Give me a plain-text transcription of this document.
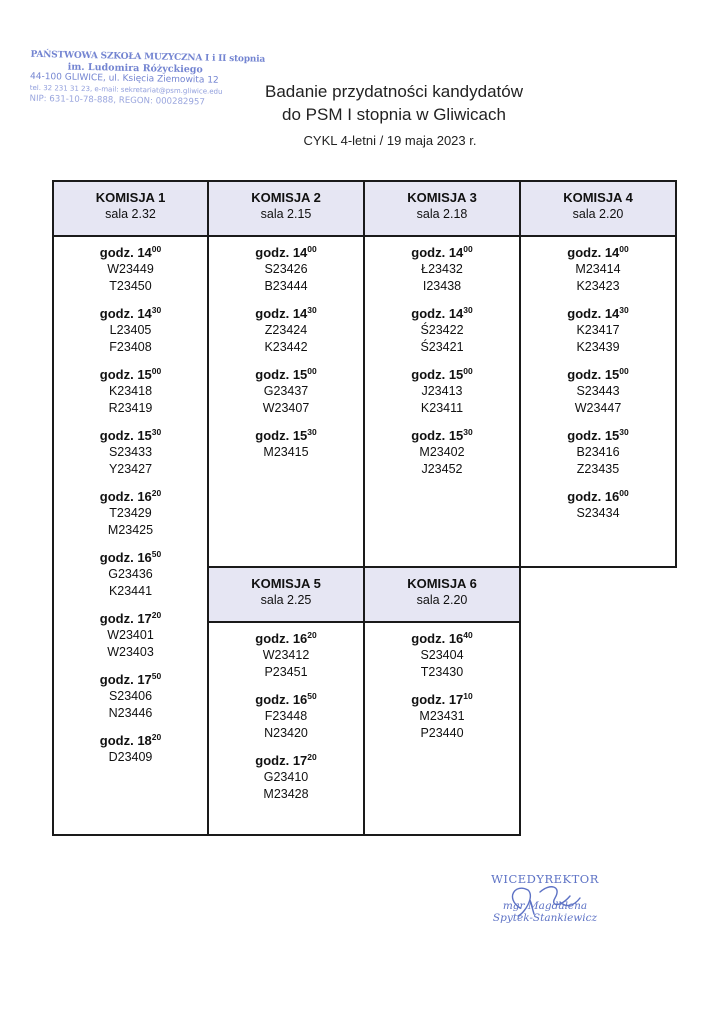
PAŃSTWOWA SZKOŁA MUZYCZNA I i II stopnia
im. Ludomira Różyckiego
44-100 GLIWICE, ul. Księcia Ziemowita 12
tel. 32 231 31 23, e-mail: sekretariat@psm.gliwice.edu
NIP: 631-10-78-888, REGON: 000282957	Badanie przydatności kandydatów
do PSM I stopnia w Gliwicach
CYKL 4-letni / 19 maja 2023 r.
KOMISJA 1
sala 2.32
godz. $14^{00}$
W23449
T23450
godz. $14^{30}$
L23405
F23408
godz. $15^{00}$
K23418
R23419
godz. $15^{30}$
S23433
Y23427
godz. $16^{20}$
T23429
M23425
godz. $16^{50}$
G23436
K23441
godz. $17^{20}$
W23401
W23403
godz. $17^{50}$
S23406
N23446
godz. $18^{20}$
D23409
KOMISJA 2
sala 2.15
godz. $14^{00}$
S23426
B23444
godz. $14^{30}$
Z23424
K23442
godz. $15^{00}$
G23437
W23407
godz. $15^{30}$
M23415
KOMISJA 3
sala 2.18
godz. $14^{00}$
Ł23432
I23438
godz. $14^{30}$
Ś23422
Ś23421
godz. $15^{00}$
J23413
K23411
godz. $15^{30}$
M23402
J23452
KOMISJA 4
sala 2.20
godz. $14^{00}$
M23414
K23423
godz. $14^{30}$
K23417
K23439
godz. $15^{00}$
S23443
W23447
godz. $15^{30}$
B23416
Z23435
godz. $16^{00}$
S23434
KOMISJA 5
sala 2.25
godz. $16^{20}$
W23412
P23451
godz. $16^{50}$
F23448
N23420
godz. $17^{20}$
G23410
M23428
KOMISJA 6
sala 2.20
godz. $16^{40}$
S23404
T23430
godz. $17^{10}$
M23431
P23440
WICEDYREKTOR
mgr Magdalena
Spytek-Stankiewicz
